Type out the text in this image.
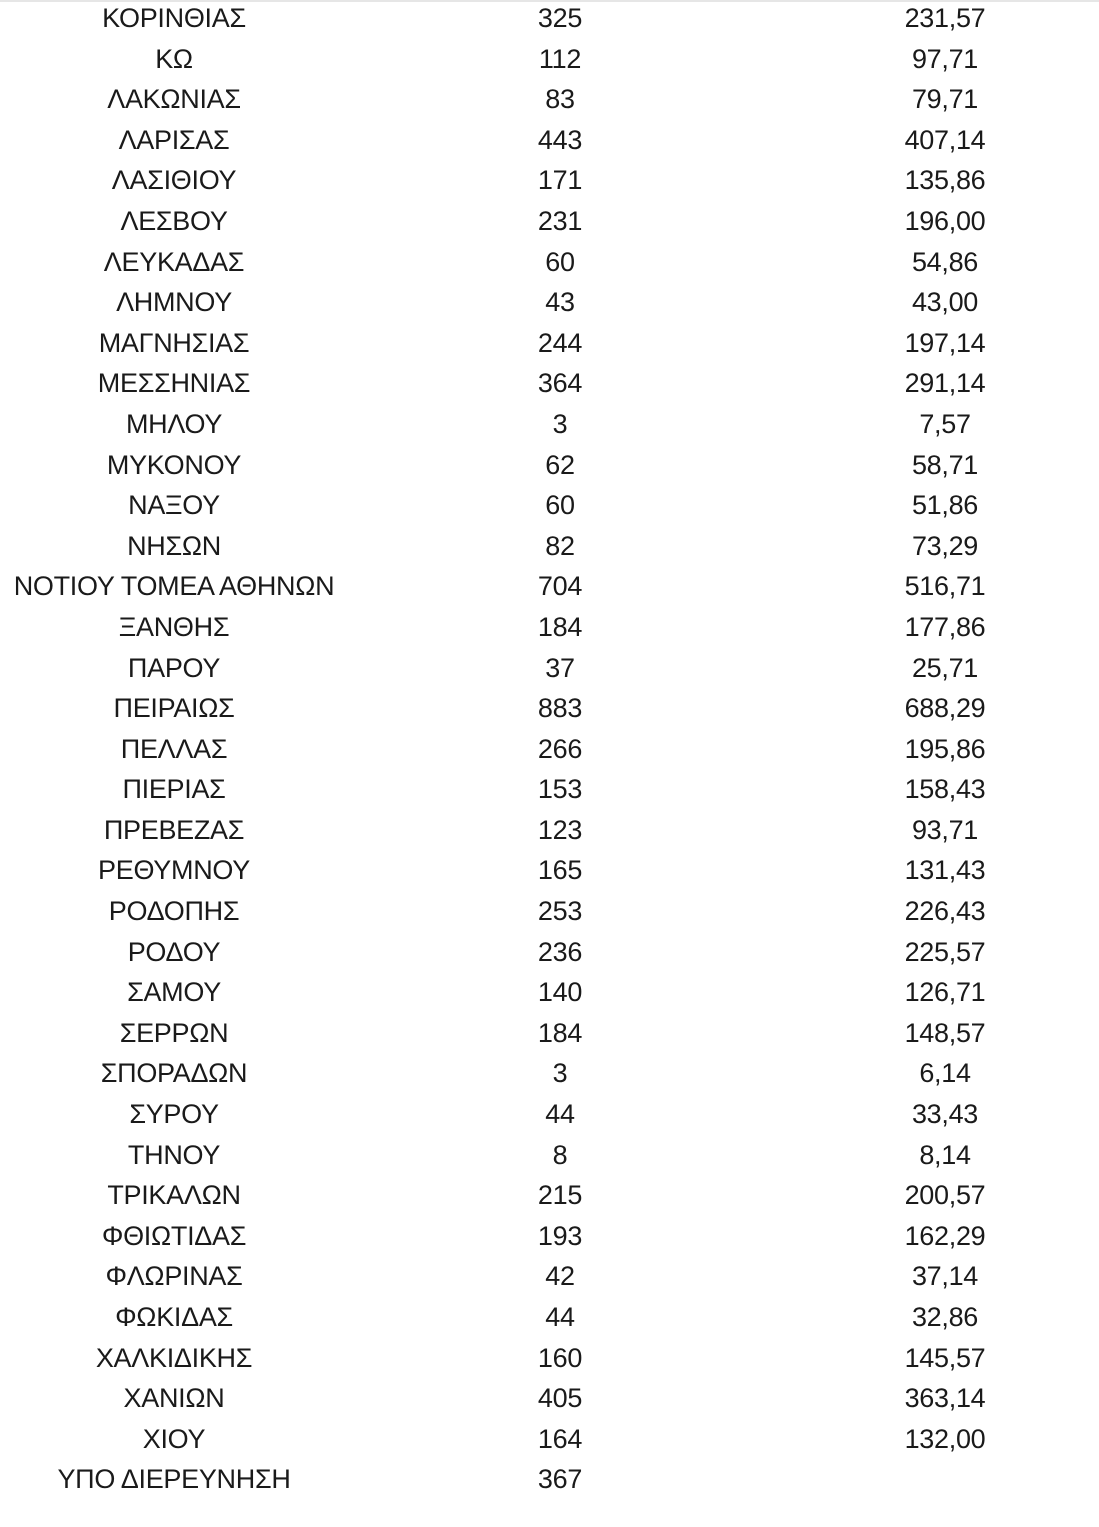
ΚΟΡΙΝΘΙΑΣ	325	231,57
ΚΩ	112	97,71
ΛΑΚΩΝΙΑΣ	83	79,71
ΛΑΡΙΣΑΣ	443	407,14
ΛΑΣΙΘΙΟΥ	171	135,86
ΛΕΣΒΟΥ	231	196,00
ΛΕΥΚΑΔΑΣ	60	54,86
ΛΗΜΝΟΥ	43	43,00
ΜΑΓΝΗΣΙΑΣ	244	197,14
ΜΕΣΣΗΝΙΑΣ	364	291,14
ΜΗΛΟΥ	3	7,57
ΜΥΚΟΝΟΥ	62	58,71
ΝΑΞΟΥ	60	51,86
ΝΗΣΩΝ	82	73,29
ΝΟΤΙΟΥ ΤΟΜΕΑ ΑΘΗΝΩΝ	704	516,71
ΞΑΝΘΗΣ	184	177,86
ΠΑΡΟΥ	37	25,71
ΠΕΙΡΑΙΩΣ	883	688,29
ΠΕΛΛΑΣ	266	195,86
ΠΙΕΡΙΑΣ	153	158,43
ΠΡΕΒΕΖΑΣ	123	93,71
ΡΕΘΥΜΝΟΥ	165	131,43
ΡΟΔΟΠΗΣ	253	226,43
ΡΟΔΟΥ	236	225,57
ΣΑΜΟΥ	140	126,71
ΣΕΡΡΩΝ	184	148,57
ΣΠΟΡΑΔΩΝ	3	6,14
ΣΥΡΟΥ	44	33,43
ΤΗΝΟΥ	8	8,14
ΤΡΙΚΑΛΩΝ	215	200,57
ΦΘΙΩΤΙΔΑΣ	193	162,29
ΦΛΩΡΙΝΑΣ	42	37,14
ΦΩΚΙΔΑΣ	44	32,86
ΧΑΛΚΙΔΙΚΗΣ	160	145,57
ΧΑΝΙΩΝ	405	363,14
ΧΙΟΥ	164	132,00
ΥΠΟ ΔΙΕΡΕΥΝΗΣΗ	367
